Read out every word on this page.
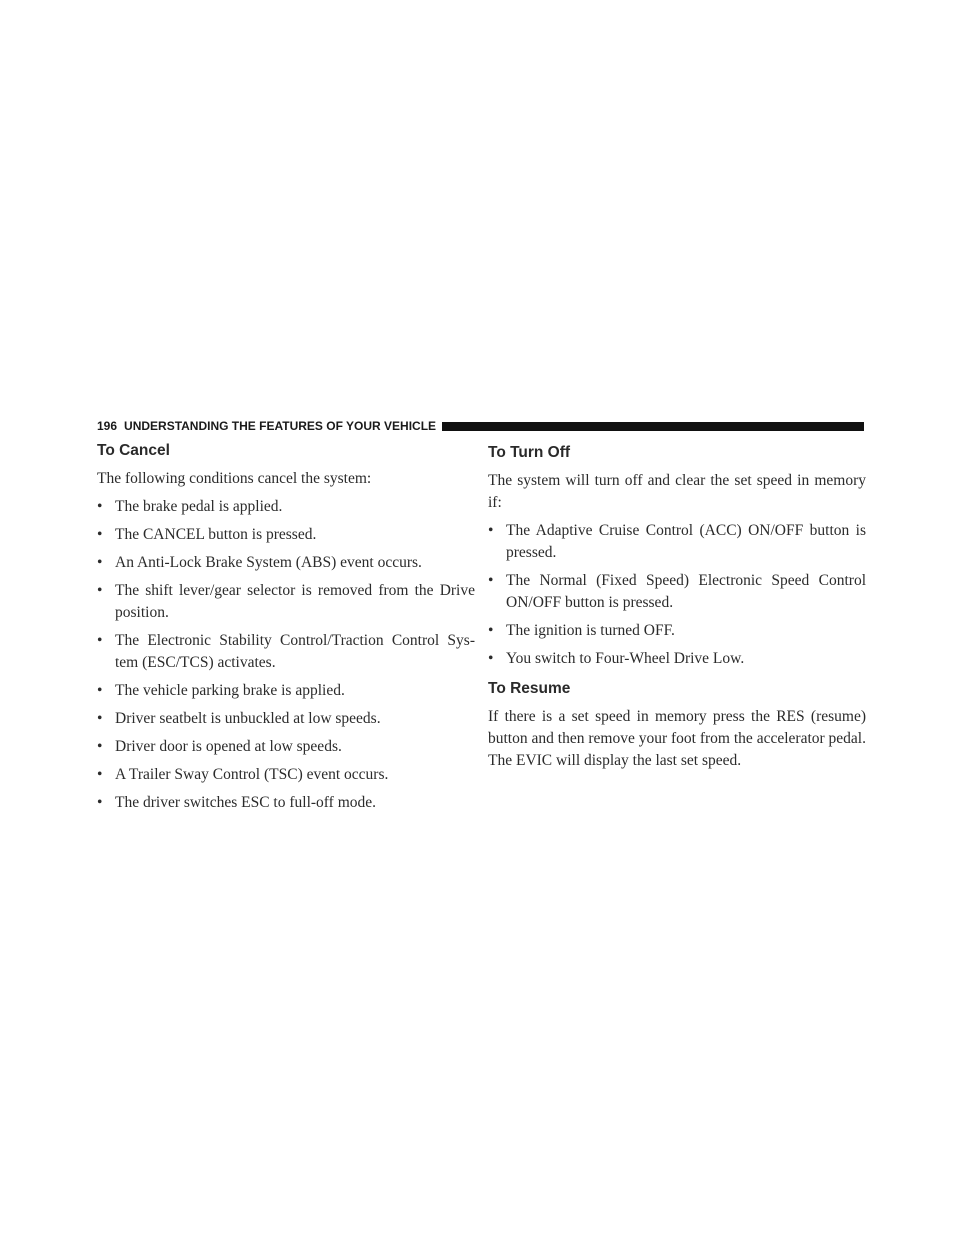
196 UNDERSTANDING THE FEATURES OF YOUR VEHICLE
To Cancel

The following conditions cancel the system:

• The brake pedal is applied.
• The CANCEL button is pressed.
• An Anti-Lock Brake System (ABS) event occurs.
• The shift lever/gear selector is removed from the Drive position.
• The Electronic Stability Control/Traction Control Sys-tem (ESC/TCS) activates.
• The vehicle parking brake is applied.
• Driver seatbelt is unbuckled at low speeds.
• Driver door is opened at low speeds.
• A Trailer Sway Control (TSC) event occurs.
• The driver switches ESC to full-off mode.
To Turn Off

The system will turn off and clear the set speed in memory if:

• The Adaptive Cruise Control (ACC) ON/OFF button is pressed.
• The Normal (Fixed Speed) Electronic Speed Control ON/OFF button is pressed.
• The ignition is turned OFF.
• You switch to Four-Wheel Drive Low.
To Resume

If there is a set speed in memory press the RES (resume) button and then remove your foot from the accelerator pedal. The EVIC will display the last set speed.
